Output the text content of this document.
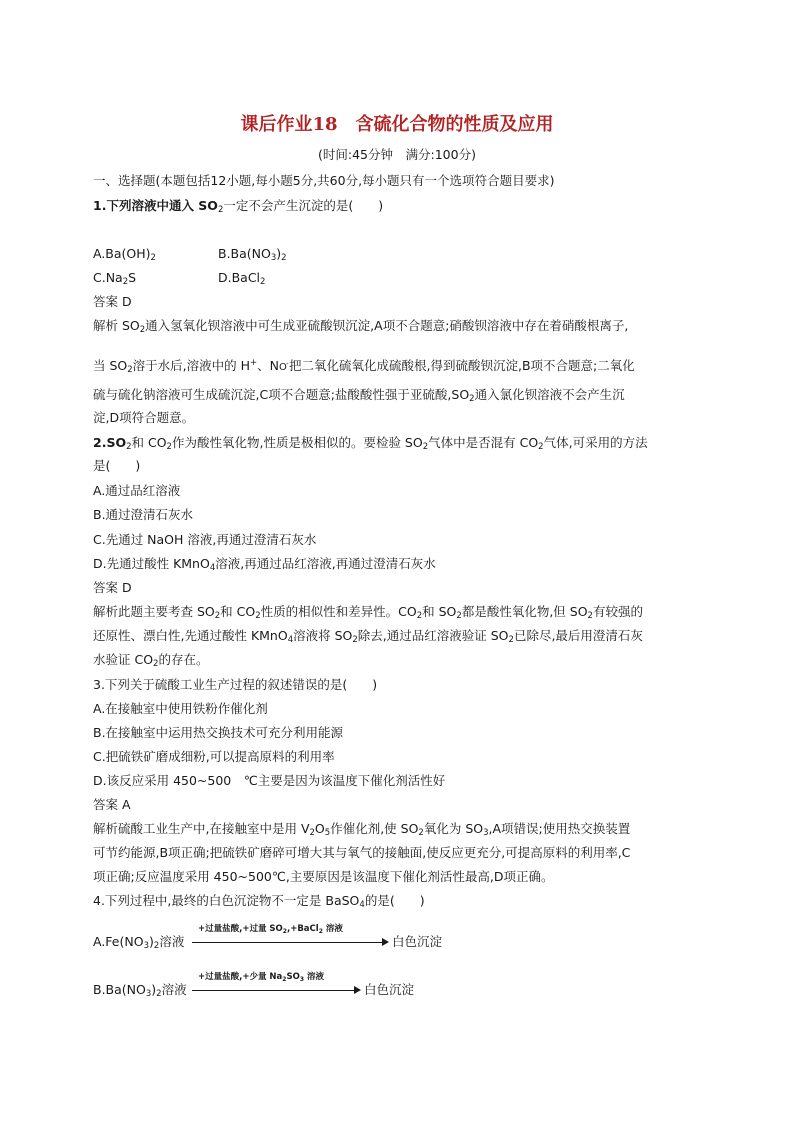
课后作业18　含硫化合物的性质及应用
(时间:45分钟　满分:100分)
一、选择题(本题包括12小题,每小题5分,共60分,每小题只有一个选项符合题目要求)
1.下列溶液中通入 $SO_2$一定不会产生沉淀的是(　　)
$A.Ba(OH)_2$	$B.Ba(NO_3)_2$
$C.Na_2S$	D.BaCl$_2$
答案 D
解析 $SO_2$通入氢氧化钡溶液中可生成亚硫酸钡沉淀,A项不合题意;硝酸钡溶液中存在着硝酸根离子,
当 $SO_2$溶于水后,溶液中的 H+、N O - 把二氧化硫氧化成硫酸根,得到硫酸钡沉淀,B项不合题意;二氧化
硫与硫化钠溶液可生成硫沉淀,C项不合题意;盐酸酸性强于亚硫酸$,SO_2$通入氯化钡溶液不会产生沉
淀,D项符合题意。
$2.SO_2$和 $CO_2$作为酸性氧化物,性质是极相似的。要检验 $SO_2$气体中是否混有 $CO_2$气体,可采用的方法
是(　　)
A.通过品红溶液
B.通过澄清石灰水
C.先通过 NaOH 溶液,再通过澄清石灰水
D.先通过酸性 KMnO$_4$溶液,再通过品红溶液,再通过澄清石灰水
答案 D
解析此题主要考查 $SO_2$和 $CO_2$性质的相似性和差异性。$CO_2$和 $SO_2$都是酸性氧化物,但 $SO_2$有较强的
还原性、漂白性,先通过酸性 KMnO$_4$溶液将 $SO_2$除去,通过品红溶液验证 $SO_2$已除尽,最后用澄清石灰
水验证 $CO_2$的存在。
3.下列关于硫酸工业生产过程的叙述错误的是(　　)
A.在接触室中使用铁粉作催化剂
B.在接触室中运用热交换技术可充分利用能源
C.把硫铁矿磨成细粉,可以提高原料的利用率
D.该反应采用 450~500　℃主要是因为该温度下催化剂活性好
答案 A
解析硫酸工业生产中,在接触室中是用 $V_2O_5$作催化剂,使 $SO_2$氧化为 $SO_3,A$项错误;使用热交换装置
可节约能源,B项正确;把硫铁矿磨碎可增大其与氧气的接触面,使反应更充分,可提高原料的利用率,C
项正确;反应温度采用 450~500℃,主要原因是该温度下催化剂活性最高,D项正确。
4.下列过程中,最终的白色沉淀物不一定是 BaSO$_4$的是(　　)
$A.Fe(NO_3)_2$溶液
+过量盐酸,+过量 $SO_2,+BaCl_2$ 溶液
白色沉淀
$B.Ba(NO_3)_2$溶液
+过量盐酸,+少量 $Na_2SO_3$ 溶液
白色沉淀
